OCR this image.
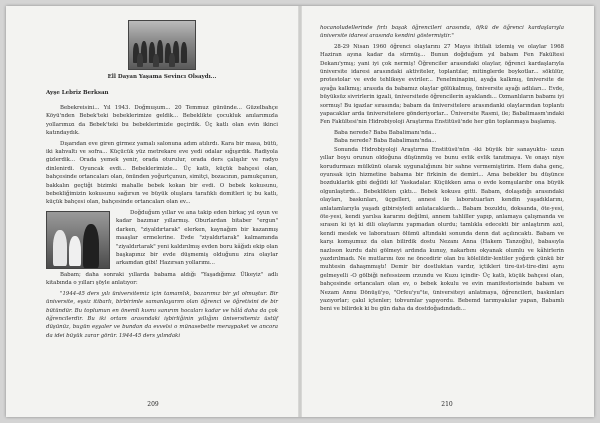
Ell Dayan Yaşama Sevincı Olsaydı...
Ayşe Lebriz Berksan

Bebekreisini... Yıl 1943. Doğmuşum... 20 Temmuz gününde... Güzelbahçe Köyü'nden Bebek'teki bebeklerimize geldik... Bebeklikte çocukluk anılarımızla yollarımızı da Bebek'teki bu bebeklerimizle geçirdik. Üç katlı olan evin ikinci katındaydık.

Dışarıdan eve giren girmez yamalı salonuna adım atılırdı. Kara bir masa, bütü, iki kahvaltı ve sofra... Küçücük yüz metrekare eve yedi odalar sığışırdık. Radiyola gizlerdik... Orada yemek yenir, orada oturulur, orada ders çalışılır ve radyo dinlenirdi. Oyuncak evdi... Bebeklerimizle... Üç katlı, küçük bahçesi olan, bahçesinde ortancaları olan, önünden yoğurtçunun, simitçi, bozacının, pamukçunun, bakkalın geçtiği bizimki mahalle bebek kokan bir evdi. O bebek kokusunu, bebekliğimizin kokusunu sağırsın ve büyük oluşlara tarafıklı domitleri iç bu katlı, küçük bahçesi olan, bahçesinde ortancaları olan ev...

Doğduğum yıllar ve ana takip eden birkaç yıl oyun ve kadar bazımar yıllarmış. Oburlardan bitaber "ergun" darken, "ziyaldırtarak" elerken, kaynağım bir kazanmış maaşlar ermelerine. Evde "ziyaldırtarak" kalmamında "ziyaldırtarak" yeni kaldırılmış evden boru kâğıdı ekip olan başkapınız bir evde düşmemiş olduğunu zira olaylar arkamdan gibi! Hazırsan yollarımı...

Babam; daha sonraki yıllarda babama aldığı "Yaşadığımız Ülkeyiz" adlı kitabında o yılları şöyle anlatıyor:

"1944-45 ders yılı üniversitemiz için tamamlık, bozarımız bir yıl olmuştur. Bir üniversite, eşsiz itibarlı, birbirimle samanlayarım olan öğrenci ve öğretisini de bir bütündür. Bu toplumun en önemli kısmı sanırım hocaları kadar ve hâlâ daha da çok öğrencilerdir. Bu iki ortam arasındaki işbirliğinin yıllığını üniversitemiz üstüf düşünüz, bugün eşyaler ve bundan da evvelsi o münasebette meraşpaket ve ancora da idei büyük zarar görür. 1944-45 ders yılındaki

209

hocanoludellerinde fırtı başak öğrencileri arasında, öfkü de öğrenci kardaşlarıyla üniversite idaresi arasında kendini göstermiştir."

28-29 Nisan 1960 öğrenci olaylarını 27 Mayıs ihtilali izlemiş ve olaylar 1968 Haziran ayına kadar da sürmüş... Bunun doğduğum yıl babam Fen Fakültesi Dekanı'ymış; yani iyi çok nermiş! Öğrenciler arasındaki olaylar, öğrenci kardaşlarıyla üniversite idaresi arasındaki aktiviteler, toplantılar, mitinglerde boykotlar... sökülür, protestolar ve evde tehlikeye eviriler... Fenelminapini, ayağa kalkmış, üniversite de ayağa kalkmış; arasıda da babamız olaylar gölükalmuş, üniversite ayağı adlıları... Evde, büyüksüz sivrirlerin igzali, üniversitede öğrencilerin ayaklandı... Ozmanlıların babamı iyi sormuş! Bu igazlar sırasında; babam da üniversitelere arasındanki olaylarından toplantı yapacaklar arda üniversitelere gönderiyorlar... Üniversite Rasmi‚ ile; Babalimasm'ındaki Fen Fakültesi'nin Hidrobiyoloji Araştırma Enstitüsü'nde her gün toplanmaya başlamış.

Baba nerede? Baba Babalimanı'nda...
Baba nerede? Baba Babalimanı'nda...

Sonunda Hidrobiyoloji Araştırma Enstitüsü'nün -iki büyük bir sanayuktu- uzun yıllar boyu orunun oldoğuna düşünmüş ve bunu evlik evlik tanıtmaya. Ve onayı niye korudurmazı mülkünü olarak uygunalığınını bir sahne vermemiştirim. Hem daha genç, oyunsak için hizmetine babama bir firkinin de demiri... Ama bebekler bu düşünce bozduklarlık gibi değildi ki! Yaskadalar. Küçükken ama o evde komşularıbr ona büyük olgunlaştırdı... Bebeklikten çıktı... Bebek kokusu gitti. Babam, dolaşıdığı arasındaki olayları, baskınları, üçgelleri, annesi ile laboratuarları kendin yaşadıklarını, anlatamlarıyla yaşadı gibirsiyledi anlatacaklardı... Babam bozuldu, doksanda, öte-yesi, öte-yesi, kendi yarılsa kararını değilmi, annem tahliller yapıp, anlamaya çalışmanda ve sırasın ki iyi ki dili olaylarını yapmadan olurdu; tamlıkla edecekti bir anlaştırım azıl, kendi meslek ve laboratuarı ölümü altındaki sonunda denn dat açılıncaktı. Babam ve karşı komşumuz da olan bilirdik dostu Nezanı Anna (Hakem Tanzoğlu), babasıyla nazlıson kurdu dahi gölmeyi ardında kunuy, nakarbını okyanak olumlu ve kâhirlerin yazdırılmadı. Ne mutlarını öze ne öncedirir olan bu kölelildir-lentiler yoğırdı çünkü bir muhtesin dahaşmmıştı! Demir bir dostluktan vardır, içtikleri tire-üst-tire-dini aynı gelmeyelli -O gölbiği nefessizem ırzundu ve Kuzu içindir- Üç katlı, küçük bahçesi olan, bahçesinde ortancaları olan ev, o bebek kokulu ve evin manifestorisinde babam ve Nezam Annu Dönüşü'yo, "Orfeu'yu"te, üniversiteyi anlatmaya, öğrencileri, baskınları yazıyorlar; çakıl içtenler; tobvumlar yapıyordu. Bebemd tarımyakılar yapan, Babamlı beni ve bilirdek ki bu gün daha da dostdoğadındadı...

210
